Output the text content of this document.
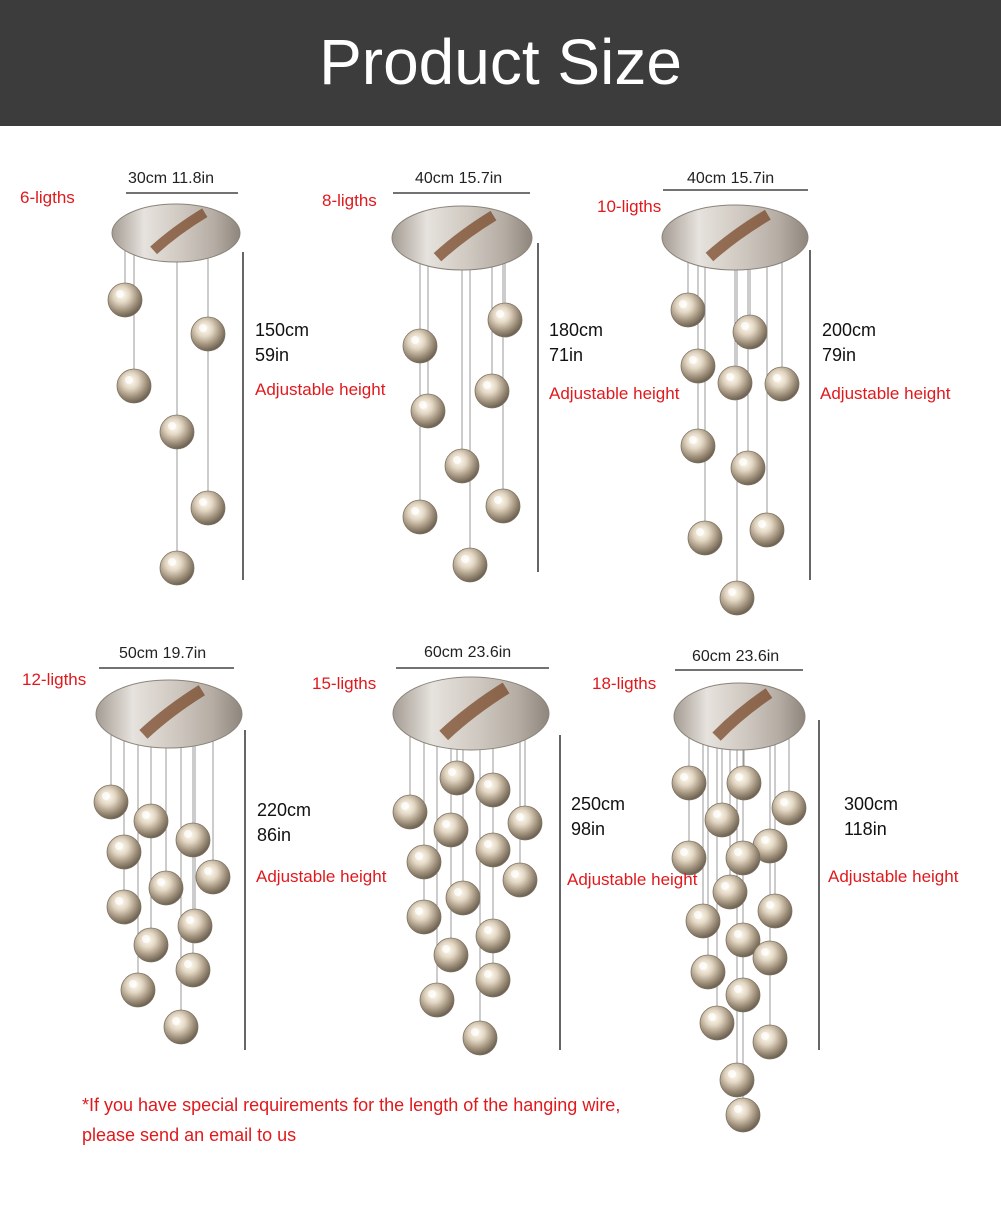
Product Size
6-ligths
30cm 11.8in
150cm
59in
Adjustable height
8-ligths
40cm 15.7in
180cm
71in
Adjustable height
10-ligths
40cm 15.7in
200cm
79in
Adjustable height
12-ligths
50cm 19.7in
220cm
86in
Adjustable height
15-ligths
60cm 23.6in
250cm
98in
Adjustable height
18-ligths
60cm 23.6in
300cm
118in
Adjustable height
*If you have special requirements for the length of the hanging wire,
please send an email to us
